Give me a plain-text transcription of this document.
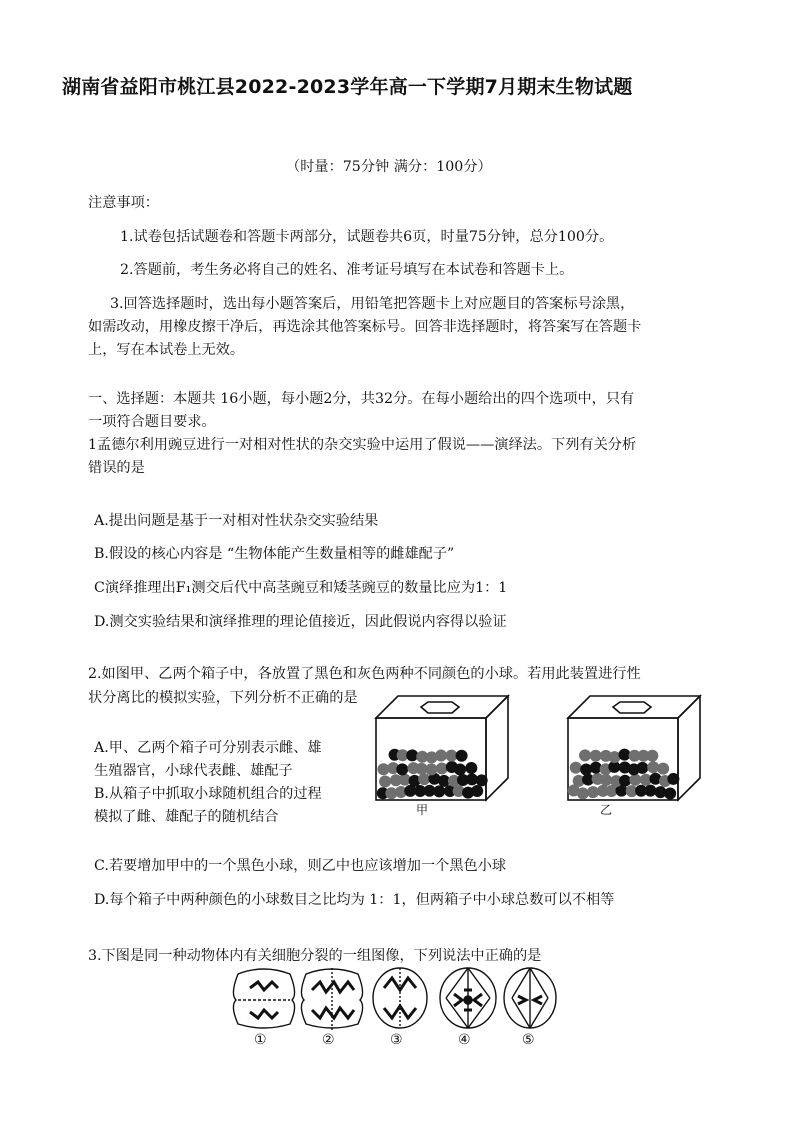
湖南省益阳市桃江县2022-2023学年高一下学期7月期末生物试题
（时量：75分钟 满分：100分）
注意事项：
1.试卷包括试题卷和答题卡两部分，试题卷共6页，时量75分钟，总分100分。
2.答题前，考生务必将自己的姓名、准考证号填写在本试卷和答题卡上。
3.回答选择题时，选出每小题答案后，用铅笔把答题卡上对应题目的答案标号涂黑，
如需改动，用橡皮擦干净后，再选涂其他答案标号。回答非选择题时，将答案写在答题卡
上，写在本试卷上无效。
一、选择题：本题共 16小题，每小题2分，共32分。在每小题给出的四个选项中，只有
一项符合题目要求。
1孟德尔利用豌豆进行一对相对性状的杂交实验中运用了假说——演绎法。下列有关分析
错误的是
A.提出问题是基于一对相对性状杂交实验结果
B.假设的核心内容是 “生物体能产生数量相等的雌雄配子”
C演绎推理出F₁测交后代中高茎豌豆和矮茎豌豆的数量比应为1：1
D.测交实验结果和演绎推理的理论值接近，因此假说内容得以验证
2.如图甲、乙两个箱子中，各放置了黑色和灰色两种不同颜色的小球。若用此装置进行性
状分离比的模拟实验，下列分析不正确的是
A.甲、乙两个箱子可分别表示雌、雄
生殖器官，小球代表雌、雄配子
B.从箱子中抓取小球随机组合的过程
模拟了雌、雄配子的随机结合
C.若要增加甲中的一个黑色小球，则乙中也应该增加一个黑色小球
D.每个箱子中两种颜色的小球数目之比均为 1：1，但两箱子中小球总数可以不相等
甲	乙
3.下图是同一种动物体内有关细胞分裂的一组图像，下列说法中正确的是
①	②	③	④	⑤
